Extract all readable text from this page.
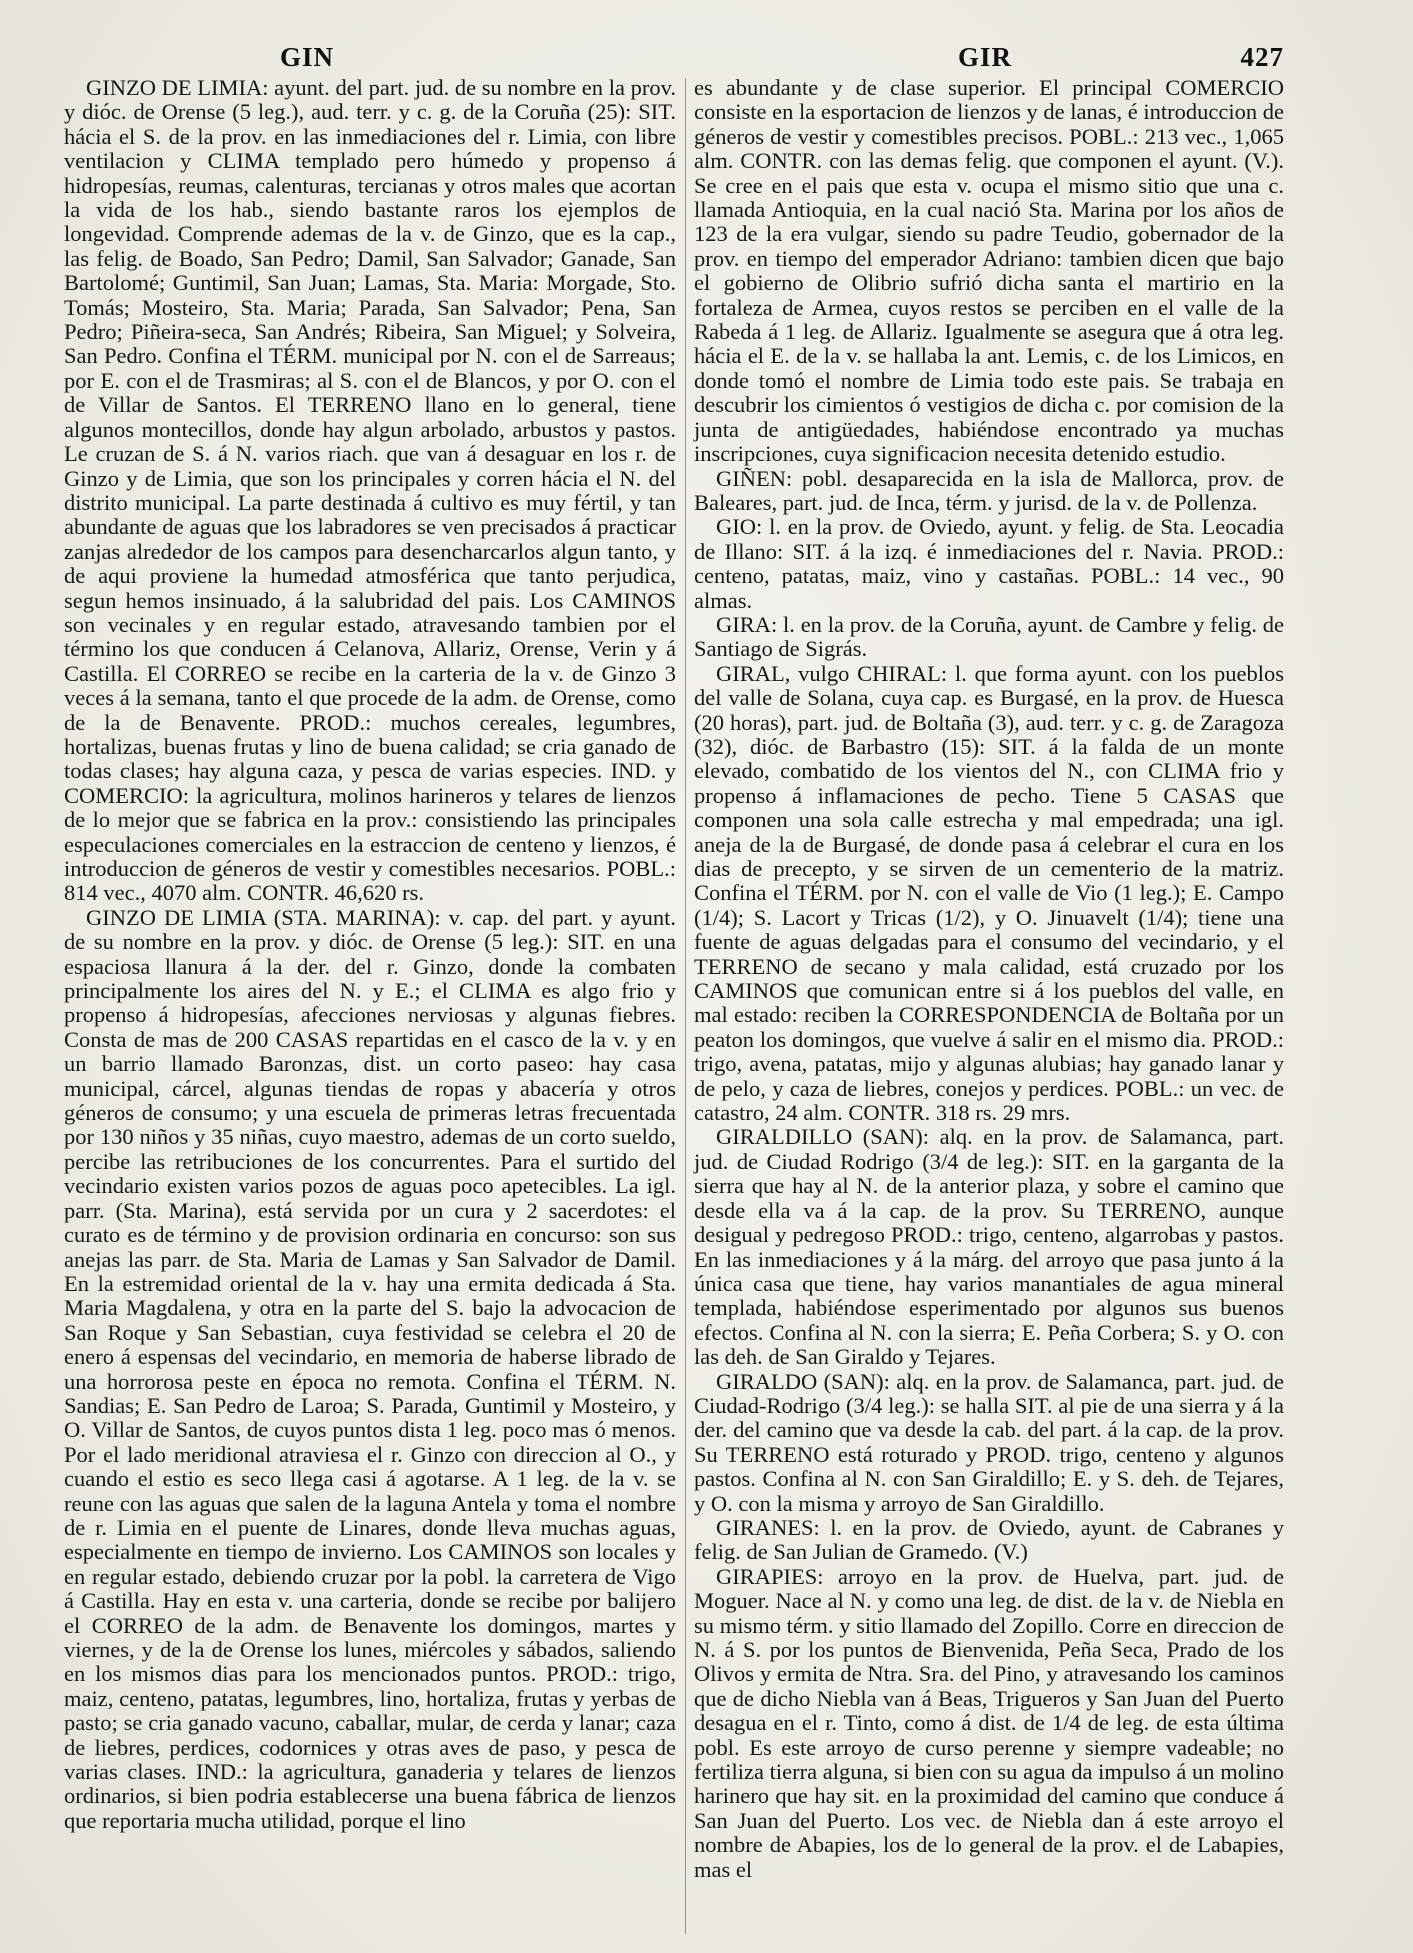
GIN	GIR	427

GINZO DE LIMIA: ayunt. del part. jud. de su nombre en la prov. y dióc. de Orense (5 leg.), aud. terr. y c. g. de la Coruña (25): SIT. hácia el S. de la prov. en las inmediaciones del r. Limia, con libre ventilacion y CLIMA templado pero húmedo y propenso á hidropesías, reumas, calenturas, tercianas y otros males que acortan la vida de los hab., siendo bastante raros los ejemplos de longevidad. Comprende ademas de la v. de Ginzo, que es la cap., las felig. de Boado, San Pedro; Damil, San Salvador; Ganade, San Bartolomé; Guntimil, San Juan; Lamas, Sta. Maria: Morgade, Sto. Tomás; Mosteiro, Sta. Maria; Parada, San Salvador; Pena, San Pedro; Piñeira-seca, San Andrés; Ribeira, San Miguel; y Solveira, San Pedro. Confina el TÉRM. municipal por N. con el de Sarreaus; por E. con el de Trasmiras; al S. con el de Blancos, y por O. con el de Villar de Santos. El TERRENO llano en lo general, tiene algunos montecillos, donde hay algun arbolado, arbustos y pastos. Le cruzan de S. á N. varios riach. que van á desaguar en los r. de Ginzo y de Limia, que son los principales y corren hácia el N. del distrito municipal. La parte destinada á cultivo es muy fértil, y tan abundante de aguas que los labradores se ven precisados á practicar zanjas alrededor de los campos para desencharcarlos algun tanto, y de aqui proviene la humedad atmosférica que tanto perjudica, segun hemos insinuado, á la salubridad del pais. Los CAMINOS son vecinales y en regular estado, atravesando tambien por el término los que conducen á Celanova, Allariz, Orense, Verin y á Castilla. El CORREO se recibe en la carteria de la v. de Ginzo 3 veces á la semana, tanto el que procede de la adm. de Orense, como de la de Benavente. PROD.: muchos cereales, legumbres, hortalizas, buenas frutas y lino de buena calidad; se cria ganado de todas clases; hay alguna caza, y pesca de varias especies. IND. y COMERCIO: la agricultura, molinos harineros y telares de lienzos de lo mejor que se fabrica en la prov.: consistiendo las principales especulaciones comerciales en la estraccion de centeno y lienzos, é introduccion de géneros de vestir y comestibles necesarios. POBL.: 814 vec., 4070 alm. CONTR. 46,620 rs.

GINZO DE LIMIA (STA. MARINA): v. cap. del part. y ayunt. de su nombre en la prov. y dióc. de Orense (5 leg.): SIT. en una espaciosa llanura á la der. del r. Ginzo, donde la combaten principalmente los aires del N. y E.; el CLIMA es algo frio y propenso á hidropesías, afecciones nerviosas y algunas fiebres. Consta de mas de 200 CASAS repartidas en el casco de la v. y en un barrio llamado Baronzas, dist. un corto paseo: hay casa municipal, cárcel, algunas tiendas de ropas y abacería y otros géneros de consumo; y una escuela de primeras letras frecuentada por 130 niños y 35 niñas, cuyo maestro, ademas de un corto sueldo, percibe las retribuciones de los concurrentes. Para el surtido del vecindario existen varios pozos de aguas poco apetecibles. La igl. parr. (Sta. Marina), está servida por un cura y 2 sacerdotes: el curato es de término y de provision ordinaria en concurso: son sus anejas las parr. de Sta. Maria de Lamas y San Salvador de Damil. En la estremidad oriental de la v. hay una ermita dedicada á Sta. Maria Magdalena, y otra en la parte del S. bajo la advocacion de San Roque y San Sebastian, cuya festividad se celebra el 20 de enero á espensas del vecindario, en memoria de haberse librado de una horrorosa peste en época no remota. Confina el TÉRM. N. Sandias; E. San Pedro de Laroa; S. Parada, Guntimil y Mosteiro, y O. Villar de Santos, de cuyos puntos dista 1 leg. poco mas ó menos. Por el lado meridional atraviesa el r. Ginzo con direccion al O., y cuando el estio es seco llega casi á agotarse. A 1 leg. de la v. se reune con las aguas que salen de la laguna Antela y toma el nombre de r. Limia en el puente de Linares, donde lleva muchas aguas, especialmente en tiempo de invierno. Los CAMINOS son locales y en regular estado, debiendo cruzar por la pobl. la carretera de Vigo á Castilla. Hay en esta v. una carteria, donde se recibe por balijero el CORREO de la adm. de Benavente los domingos, martes y viernes, y de la de Orense los lunes, miércoles y sábados, saliendo en los mismos dias para los mencionados puntos. PROD.: trigo, maiz, centeno, patatas, legumbres, lino, hortaliza, frutas y yerbas de pasto; se cria ganado vacuno, caballar, mular, de cerda y lanar; caza de liebres, perdices, codornices y otras aves de paso, y pesca de varias clases. IND.: la agricultura, ganaderia y telares de lienzos ordinarios, si bien podria establecerse una buena fábrica de lienzos que reportaria mucha utilidad, porque el lino

es abundante y de clase superior. El principal COMERCIO consiste en la esportacion de lienzos y de lanas, é introduccion de géneros de vestir y comestibles precisos. POBL.: 213 vec., 1,065 alm. CONTR. con las demas felig. que componen el ayunt. (V.). Se cree en el pais que esta v. ocupa el mismo sitio que una c. llamada Antioquia, en la cual nació Sta. Marina por los años de 123 de la era vulgar, siendo su padre Teudio, gobernador de la prov. en tiempo del emperador Adriano: tambien dicen que bajo el gobierno de Olibrio sufrió dicha santa el martirio en la fortaleza de Armea, cuyos restos se perciben en el valle de la Rabeda á 1 leg. de Allariz. Igualmente se asegura que á otra leg. hácia el E. de la v. se hallaba la ant. Lemis, c. de los Limicos, en donde tomó el nombre de Limia todo este pais. Se trabaja en descubrir los cimientos ó vestigios de dicha c. por comision de la junta de antigüedades, habiéndose encontrado ya muchas inscripciones, cuya significacion necesita detenido estudio.

GIÑEN: pobl. desaparecida en la isla de Mallorca, prov. de Baleares, part. jud. de Inca, térm. y jurisd. de la v. de Pollenza.

GIO: l. en la prov. de Oviedo, ayunt. y felig. de Sta. Leocadia de Illano: SIT. á la izq. é inmediaciones del r. Navia. PROD.: centeno, patatas, maiz, vino y castañas. POBL.: 14 vec., 90 almas.

GIRA: l. en la prov. de la Coruña, ayunt. de Cambre y felig. de Santiago de Sigrás.

GIRAL, vulgo CHIRAL: l. que forma ayunt. con los pueblos del valle de Solana, cuya cap. es Burgasé, en la prov. de Huesca (20 horas), part. jud. de Boltaña (3), aud. terr. y c. g. de Zaragoza (32), dióc. de Barbastro (15): SIT. á la falda de un monte elevado, combatido de los vientos del N., con CLIMA frio y propenso á inflamaciones de pecho. Tiene 5 CASAS que componen una sola calle estrecha y mal empedrada; una igl. aneja de la de Burgasé, de donde pasa á celebrar el cura en los dias de precepto, y se sirven de un cementerio de la matriz. Confina el TÉRM. por N. con el valle de Vio (1 leg.); E. Campo (1/4); S. Lacort y Tricas (1/2), y O. Jinuavelt (1/4); tiene una fuente de aguas delgadas para el consumo del vecindario, y el TERRENO de secano y mala calidad, está cruzado por los CAMINOS que comunican entre si á los pueblos del valle, en mal estado: reciben la CORRESPONDENCIA de Boltaña por un peaton los domingos, que vuelve á salir en el mismo dia. PROD.: trigo, avena, patatas, mijo y algunas alubias; hay ganado lanar y de pelo, y caza de liebres, conejos y perdices. POBL.: un vec. de catastro, 24 alm. CONTR. 318 rs. 29 mrs.

GIRALDILLO (SAN): alq. en la prov. de Salamanca, part. jud. de Ciudad Rodrigo (3/4 de leg.): SIT. en la garganta de la sierra que hay al N. de la anterior plaza, y sobre el camino que desde ella va á la cap. de la prov. Su TERRENO, aunque desigual y pedregoso PROD.: trigo, centeno, algarrobas y pastos. En las inmediaciones y á la márg. del arroyo que pasa junto á la única casa que tiene, hay varios manantiales de agua mineral templada, habiéndose esperimentado por algunos sus buenos efectos. Confina al N. con la sierra; E. Peña Corbera; S. y O. con las deh. de San Giraldo y Tejares.

GIRALDO (SAN): alq. en la prov. de Salamanca, part. jud. de Ciudad-Rodrigo (3/4 leg.): se halla SIT. al pie de una sierra y á la der. del camino que va desde la cab. del part. á la cap. de la prov. Su TERRENO está roturado y PROD. trigo, centeno y algunos pastos. Confina al N. con San Giraldillo; E. y S. deh. de Tejares, y O. con la misma y arroyo de San Giraldillo.

GIRANES: l. en la prov. de Oviedo, ayunt. de Cabranes y felig. de San Julian de Gramedo. (V.)

GIRAPIES: arroyo en la prov. de Huelva, part. jud. de Moguer. Nace al N. y como una leg. de dist. de la v. de Niebla en su mismo térm. y sitio llamado del Zopillo. Corre en direccion de N. á S. por los puntos de Bienvenida, Peña Seca, Prado de los Olivos y ermita de Ntra. Sra. del Pino, y atravesando los caminos que de dicho Niebla van á Beas, Trigueros y San Juan del Puerto desagua en el r. Tinto, como á dist. de 1/4 de leg. de esta última pobl. Es este arroyo de curso perenne y siempre vadeable; no fertiliza tierra alguna, si bien con su agua da impulso á un molino harinero que hay sit. en la proximidad del camino que conduce á San Juan del Puerto. Los vec. de Niebla dan á este arroyo el nombre de Abapies, los de lo general de la prov. el de Labapies, mas el
